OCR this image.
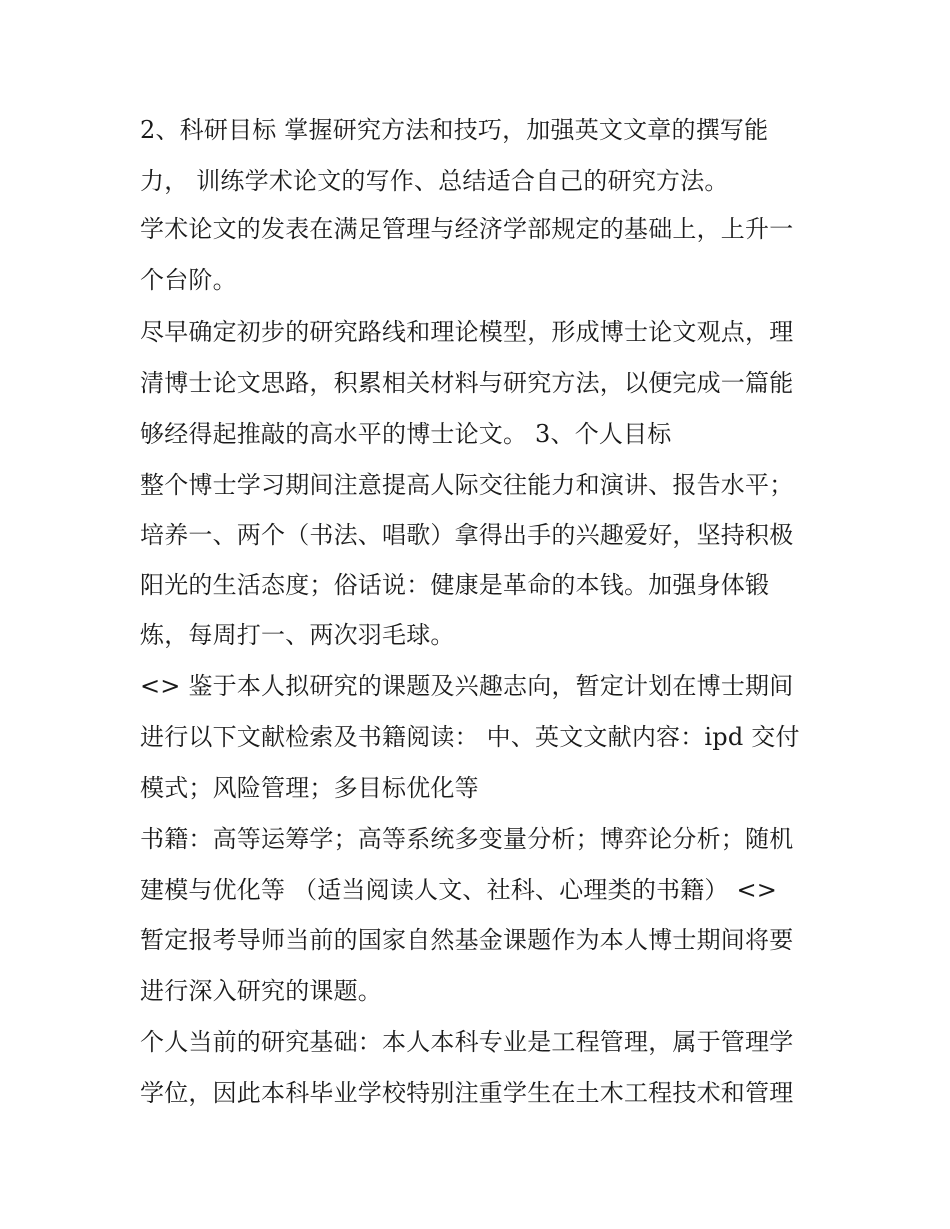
2、科研目标 掌握研究方法和技巧，加强英文文章的撰写能
力， 训练学术论文的写作、总结适合自己的研究方法。
学术论文的发表在满足管理与经济学部规定的基础上，上升一
个台阶。
尽早确定初步的研究路线和理论模型，形成博士论文观点，理
清博士论文思路，积累相关材料与研究方法，以便完成一篇能
够经得起推敲的高水平的博士论文。 3、个人目标
整个博士学习期间注意提高人际交往能力和演讲、报告水平；
培养一、两个（书法、唱歌）拿得出手的兴趣爱好，坚持积极
阳光的生活态度；俗话说：健康是革命的本钱。加强身体锻
炼，每周打一、两次羽毛球。
<> 鉴于本人拟研究的课题及兴趣志向，暂定计划在博士期间
进行以下文献检索及书籍阅读： 中、英文文献内容：ipd 交付
模式；风险管理；多目标优化等
书籍：高等运筹学；高等系统多变量分析；博弈论分析；随机
建模与优化等 （适当阅读人文、社科、心理类的书籍） <>
暂定报考导师当前的国家自然基金课题作为本人博士期间将要
进行深入研究的课题。
个人当前的研究基础：本人本科专业是工程管理，属于管理学
学位，因此本科毕业学校特别注重学生在土木工程技术和管理
